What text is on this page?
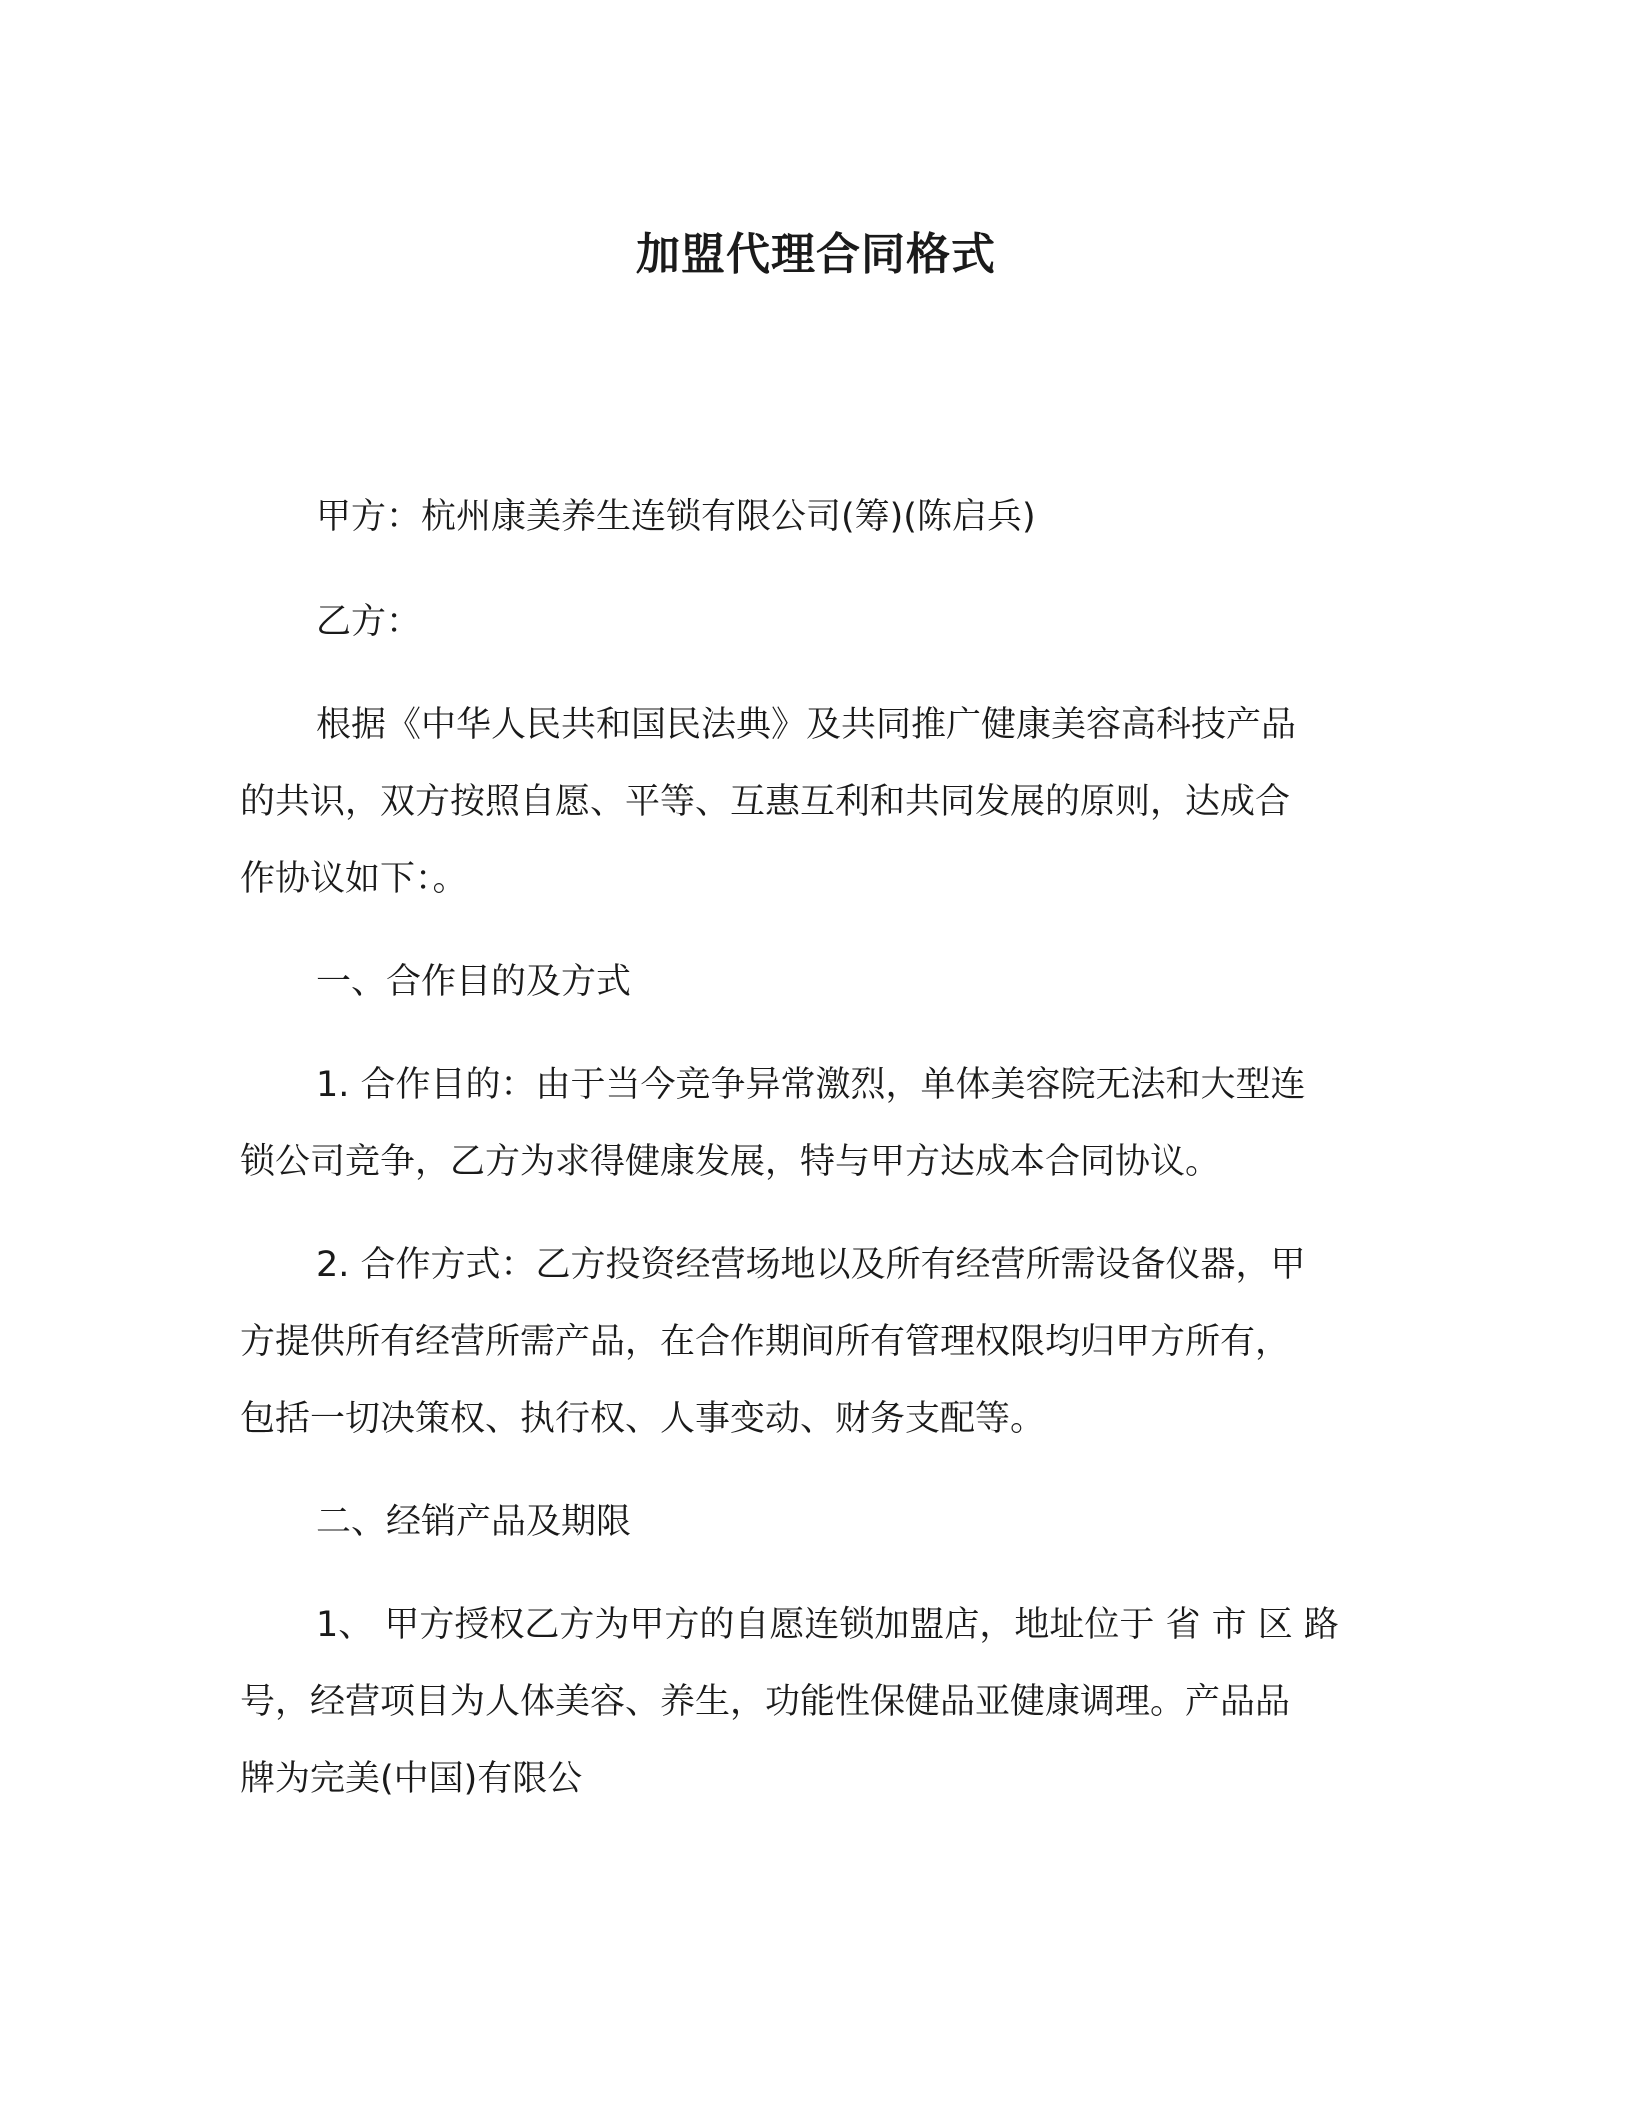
加盟代理合同格式
甲方：杭州康美养生连锁有限公司(筹)(陈启兵)
乙方：
根据《中华人民共和国民法典》及共同推广健康美容高科技产品
的共识，双方按照自愿、平等、互惠互利和共同发展的原则，达成合
作协议如下：。
一、合作目的及方式
1. 合作目的：由于当今竞争异常激烈，单体美容院无法和大型连
锁公司竞争，乙方为求得健康发展，特与甲方达成本合同协议。
2. 合作方式：乙方投资经营场地以及所有经营所需设备仪器，甲
方提供所有经营所需产品，在合作期间所有管理权限均归甲方所有，
包括一切决策权、执行权、人事变动、财务支配等。
二、经销产品及期限
1、 甲方授权乙方为甲方的自愿连锁加盟店，地址位于 省 市 区 路
号，经营项目为人体美容、养生，功能性保健品亚健康调理。产品品
牌为完美(中国)有限公
